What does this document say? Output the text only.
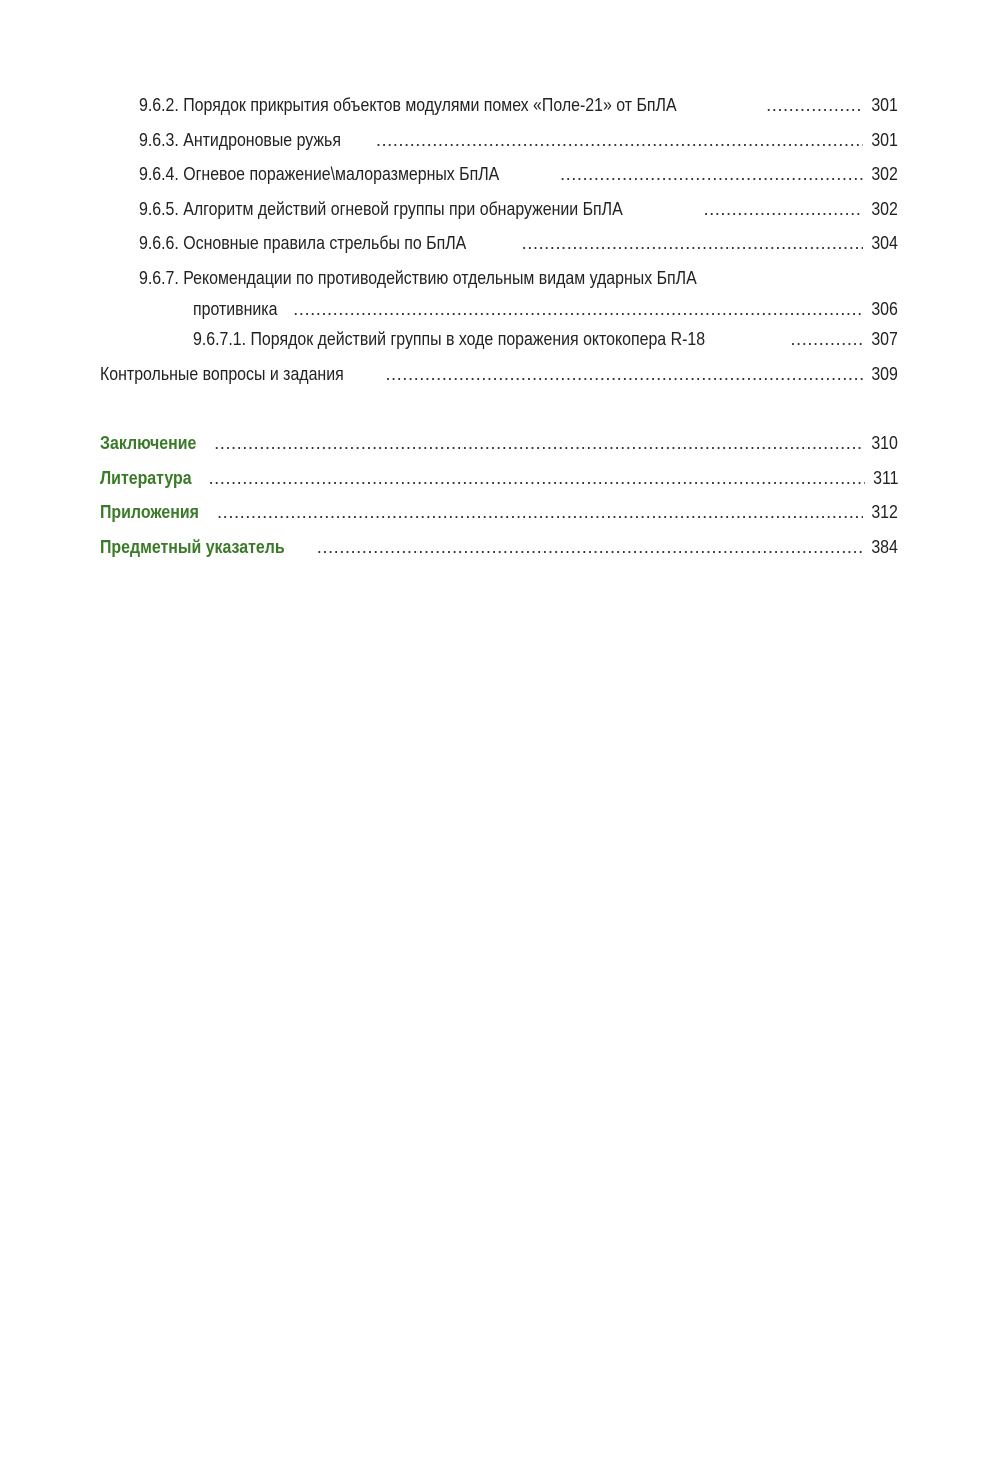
9.6.2. Порядок прикрытия объектов модулями помех «Поле-21» от БпЛА .....	301
9.6.3. Антидроновые ружья .....	301
9.6.4. Огневое поражение\малоразмерных БпЛА .....	302
9.6.5. Алгоритм действий огневой группы при обнаружении БпЛА .....	302
9.6.6. Основные правила стрельбы по БпЛА .....	304
9.6.7. Рекомендации по противодействию отдельным видам ударных БпЛА
противника .....	306
9.6.7.1. Порядок действий группы в ходе поражения октокопера R-18 .....	307
Контрольные вопросы и задания .....	309
Заключение .....	310
Литература .....	311
Приложения .....	312
Предметный указатель .....	384
